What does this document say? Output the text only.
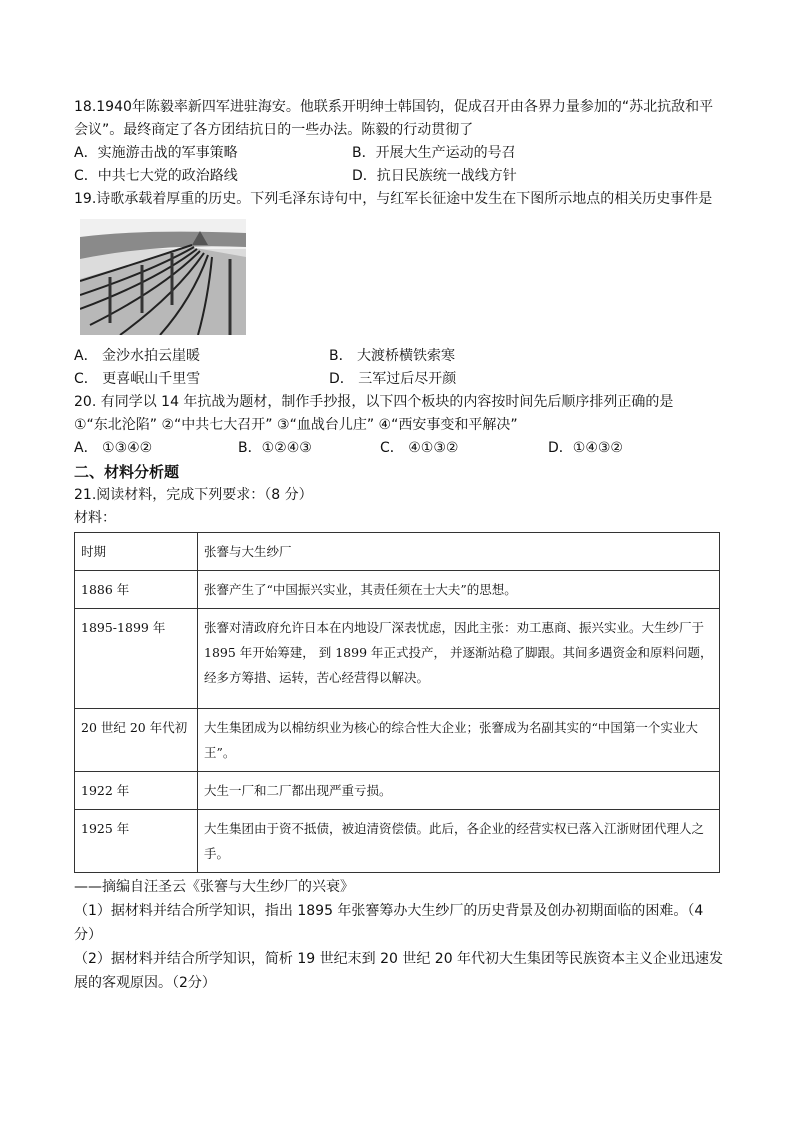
18.1940年陈毅率新四军进驻海安。他联系开明绅士韩国钧，促成召开由各界力量参加的“苏北抗敌和平会议”。最终商定了各方团结抗日的一些办法。陈毅的行动贯彻了
A．实施游击战的军事策略	B．开展大生产运动的号召
C．中共七大党的政治路线	D．抗日民族统一战线方针
19.诗歌承载着厚重的历史。下列毛泽东诗句中，与红军长征途中发生在下图所示地点的相关历史事件是
A． 金沙水拍云崖暖	B． 大渡桥横铁索寒
C． 更喜岷山千里雪	D． 三军过后尽开颜
20. 有同学以 14 年抗战为题材，制作手抄报，以下四个板块的内容按时间先后顺序排列正确的是
①“东北沦陷” ②“中共七大召开” ③“血战台儿庄” ④“西安事变和平解决”
A． ①③④②	B．①②④③	C． ④①③②	D．①④③②
二、材料分析题
21.阅读材料，完成下列要求：（8 分）
材料：
时期	张謇与大生纱厂
1886 年	张謇产生了“中国振兴实业，其责任须在士大夫”的思想。
1895-1899 年	张謇对清政府允许日本在内地设厂深表忧虑，因此主张：劝工惠商、振兴实业。大生纱厂于 1895 年开始筹建， 到 1899 年正式投产， 并逐渐站稳了脚跟。其间多遇资金和原料问题，经多方筹措、运转，苦心经营得以解决。
20 世纪 20 年代初	大生集团成为以棉纺织业为核心的综合性大企业；张謇成为名副其实的“中国第一个实业大王”。
1922 年	大生一厂和二厂都出现严重亏损。
1925 年	大生集团由于资不抵债，被迫清资偿债。此后，各企业的经营实权已落入江浙财团代理人之手。
——摘编自汪圣云《张謇与大生纱厂的兴衰》
（1）据材料并结合所学知识，指出 1895 年张謇筹办大生纱厂的历史背景及创办初期面临的困难。（4分）
（2）据材料并结合所学知识，简析 19 世纪末到 20 世纪 20 年代初大生集团等民族资本主义企业迅速发展的客观原因。（2分）
